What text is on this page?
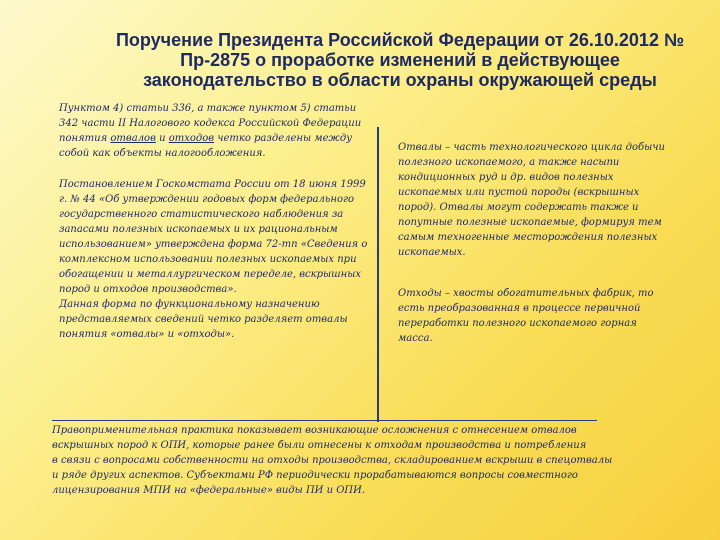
Поручение Президента Российской Федерации от 26.10.2012 №
Пр-2875 о проработке изменений в действующее
законодательство в области охраны окружающей среды

Пунктом 4) статьи 336, а также пунктом 5) статьи 342 части II Налогового кодекса Российской Федерации понятия отвалов и отходов четко разделены между собой как объекты налогообложения.

Постановлением Госкомстата России от 18 июня 1999 г. № 44 «Об утверждении годовых форм федерального государственного статистического наблюдения за запасами полезных ископаемых и их рациональным использованием» утверждена форма 72-тп «Сведения о комплексном использовании полезных ископаемых при обогащении и металлургическом переделе, вскрышных пород и отходов производства».
Данная форма по функциональному назначению представляемых сведений четко разделяет отвалы понятия «отвалы» и «отходы».

Отвалы – часть технологического цикла добычи полезного ископаемого, а также насыпи кондиционных руд и др. видов полезных ископаемых или пустой породы (вскрышных пород). Отвалы могут содержать также и попутные полезные ископаемые, формируя тем самым техногенные месторождения полезных ископаемых.

Отходы – хвосты обогатительных фабрик, то есть преобразованная в процессе первичной переработки полезного ископаемого горная масса.

Правоприменительная практика показывает возникающие осложнения с отнесением отвалов
вскрышных пород к ОПИ, которые ранее были отнесены к отходам производства и потребления
в связи с вопросами собственности на отходы производства, складированием вскрыши в спецотвалы
и ряде других аспектов. Субъектами РФ периодически прорабатываются вопросы совместного
лицензирования МПИ на «федеральные» виды ПИ и ОПИ.
